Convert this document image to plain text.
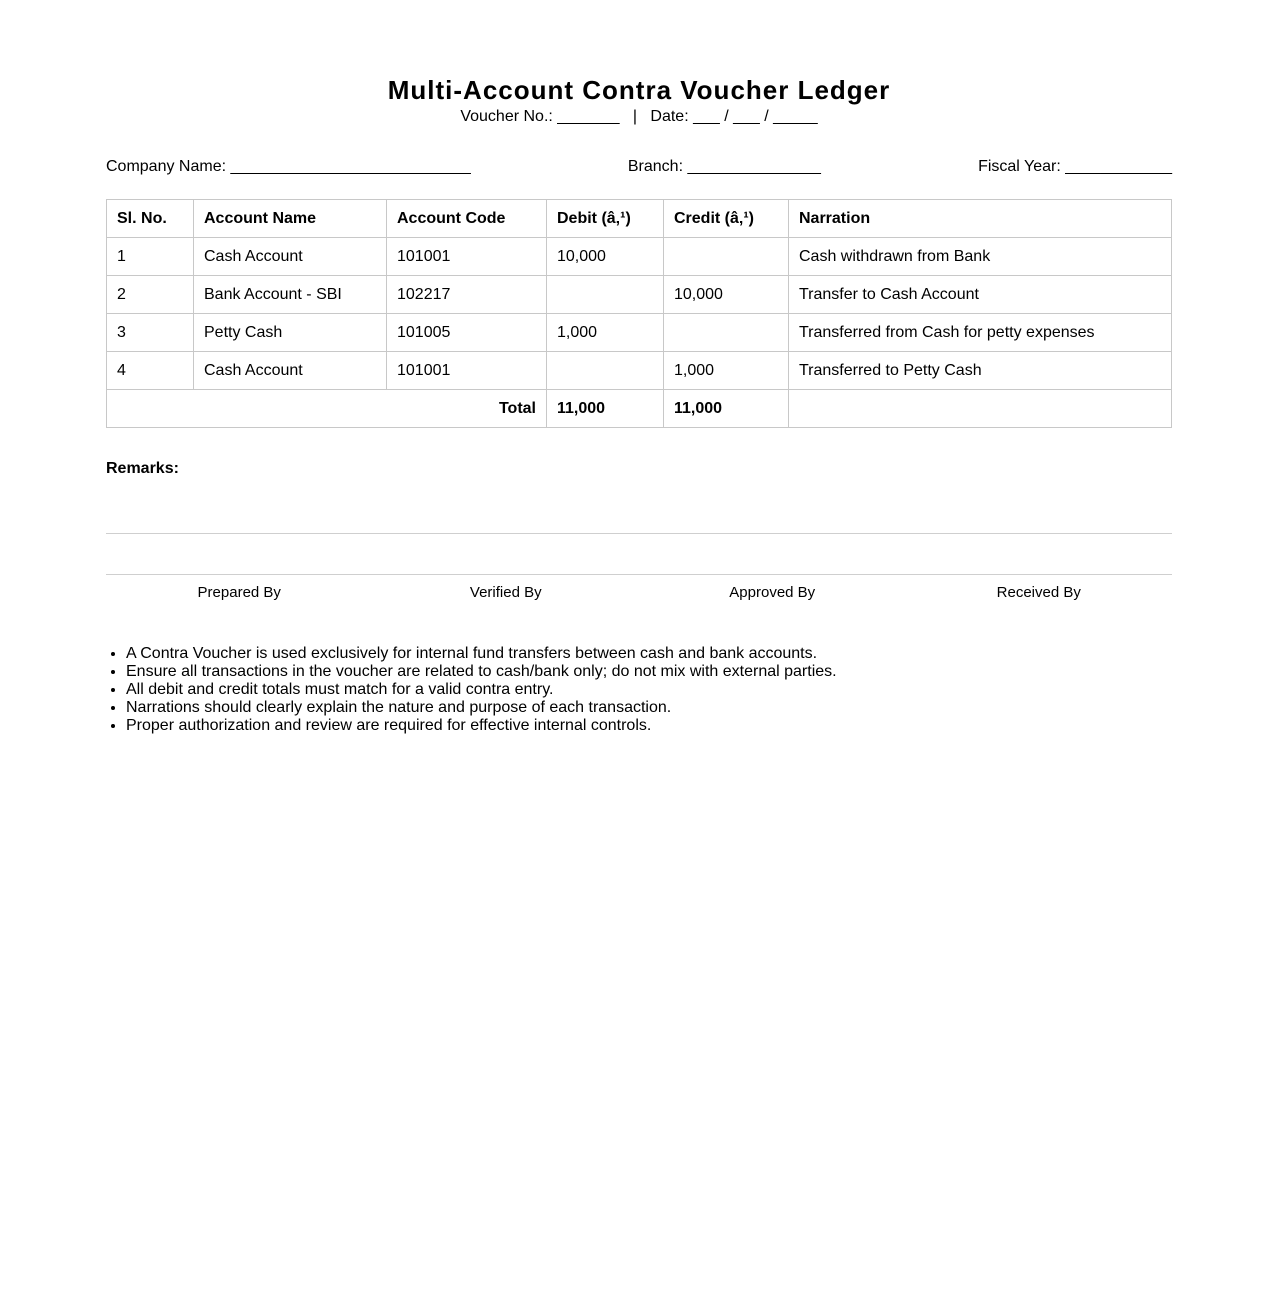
Multi-Account Contra Voucher Ledger
Voucher No.: _______   |   Date: ___ / ___ / _____
Company Name: ___________________________	Branch: _______________	Fiscal Year: ____________
Sl. No.	Account Name	Account Code	Debit (â‚¹)	Credit (â‚¹)	Narration
1	Cash Account	101001	10,000		Cash withdrawn from Bank
2	Bank Account - SBI	102217		10,000	Transfer to Cash Account
3	Petty Cash	101005	1,000		Transferred from Cash for petty expenses
4	Cash Account	101001		1,000	Transferred to Petty Cash
Total			11,000	11,000	
Remarks:
Prepared By	Verified By	Approved By	Received By
• A Contra Voucher is used exclusively for internal fund transfers between cash and bank accounts.
• Ensure all transactions in the voucher are related to cash/bank only; do not mix with external parties.
• All debit and credit totals must match for a valid contra entry.
• Narrations should clearly explain the nature and purpose of each transaction.
• Proper authorization and review are required for effective internal controls.
